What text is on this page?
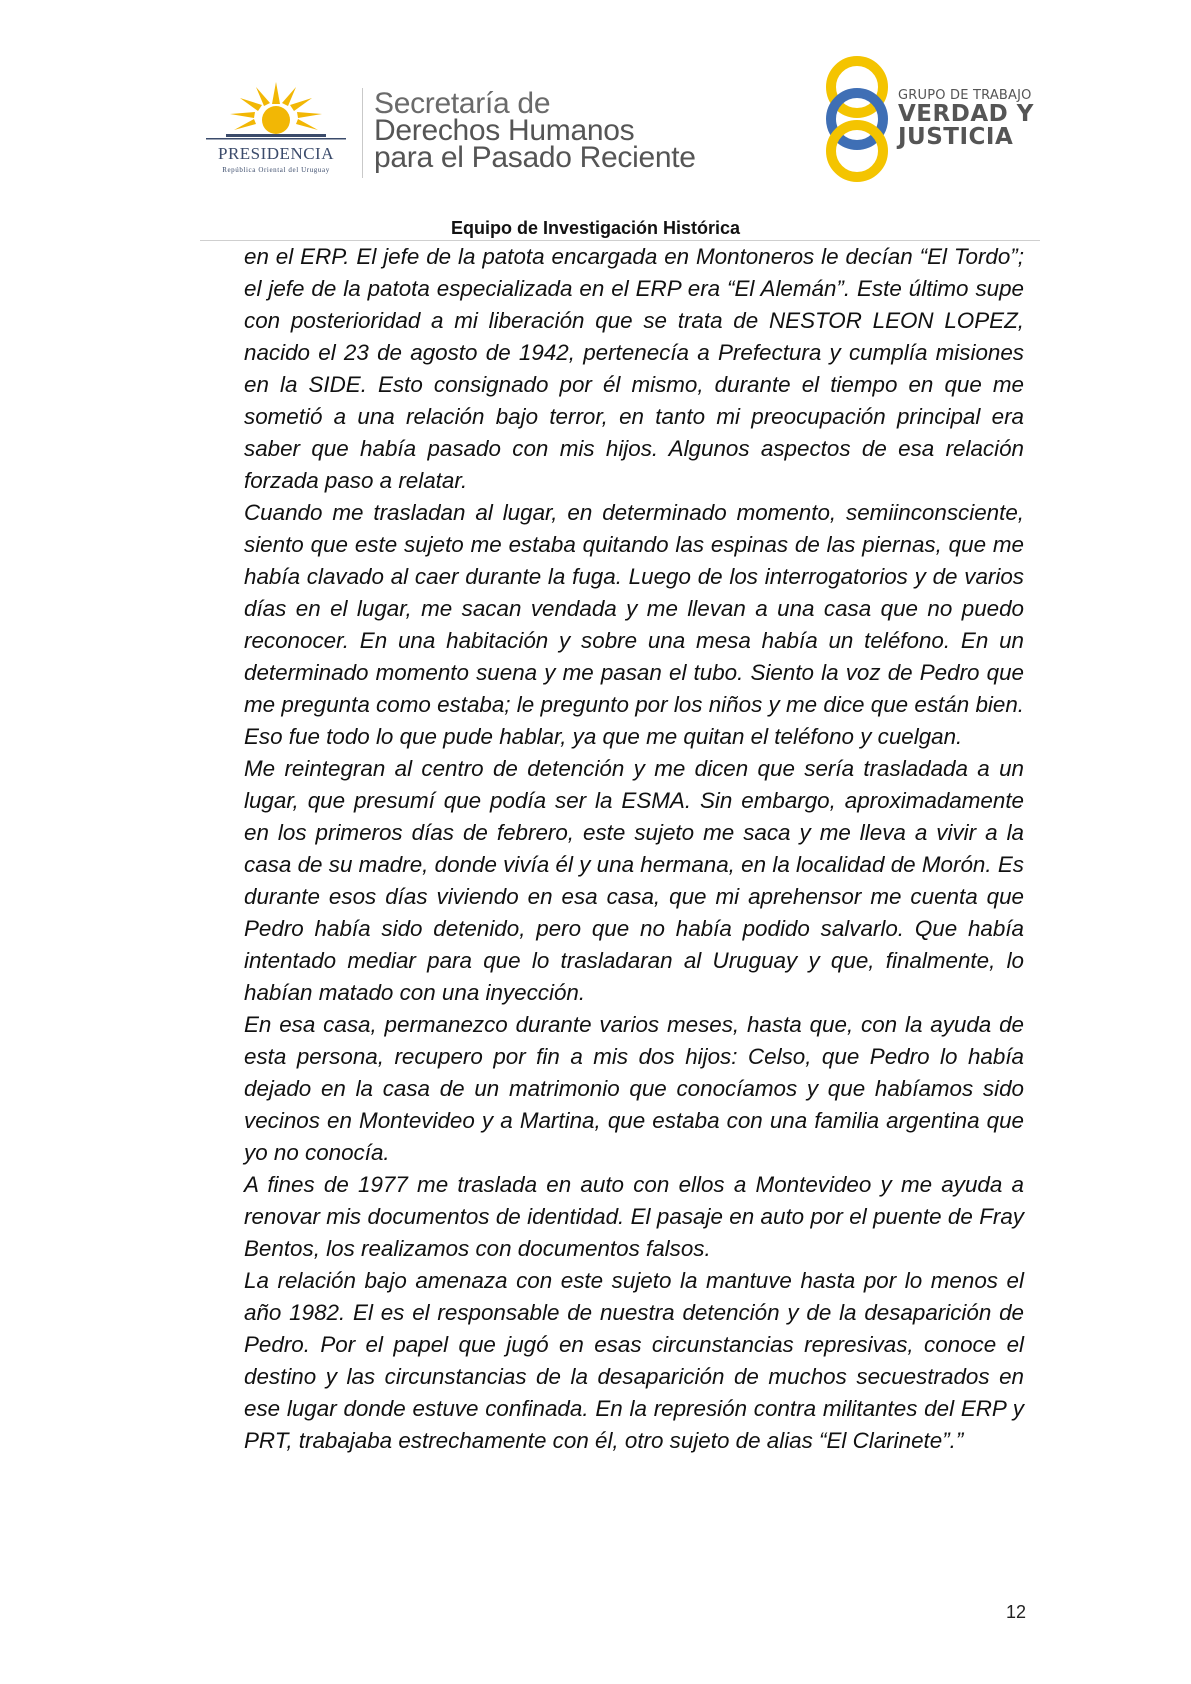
PRESIDENCIA
República Oriental del Uruguay
Secretaría de
Derechos Humanos
para el Pasado Reciente
GRUPO DE TRABAJO
VERDAD Y
JUSTICIA
Equipo de Investigación Histórica

en el ERP. El jefe de la patota encargada en Montoneros le decían “El Tordo”; el jefe de la patota especializada en el ERP era “El Alemán”. Este último supe con posterioridad a mi liberación que se trata de NESTOR LEON LOPEZ, nacido el 23 de agosto de 1942, pertenecía a Prefectura y cumplía misiones en la SIDE. Esto consignado por él mismo, durante el tiempo en que me sometió a una relación bajo terror, en tanto mi preocupación principal era saber que había pasado con mis hijos. Algunos aspectos de esa relación forzada paso a relatar.

Cuando me trasladan al lugar, en determinado momento, semiinconsciente, siento que este sujeto me estaba quitando las espinas de las piernas, que me había clavado al caer durante la fuga. Luego de los interrogatorios y de varios días en el lugar, me sacan vendada y me llevan a una casa que no puedo reconocer. En una habitación y sobre una mesa había un teléfono. En un determinado momento suena y me pasan el tubo. Siento la voz de Pedro que me pregunta como estaba; le pregunto por los niños y me dice que están bien. Eso fue todo lo que pude hablar, ya que me quitan el teléfono y cuelgan.

Me reintegran al centro de detención y me dicen que sería trasladada a un lugar, que presumí que podía ser la ESMA. Sin embargo, aproximadamente en los primeros días de febrero, este sujeto me saca y me lleva a vivir a la casa de su madre, donde vivía él y una hermana, en la localidad de Morón. Es durante esos días viviendo en esa casa, que mi aprehensor me cuenta que Pedro había sido detenido, pero que no había podido salvarlo. Que había intentado mediar para que lo trasladaran al Uruguay y que, finalmente, lo habían matado con una inyección.

En esa casa, permanezco durante varios meses, hasta que, con la ayuda de esta persona, recupero por fin a mis dos hijos: Celso, que Pedro lo había dejado en la casa de un matrimonio que conocíamos y que habíamos sido vecinos en Montevideo y a Martina, que estaba con una familia argentina que yo no conocía.

A fines de 1977 me traslada en auto con ellos a Montevideo y me ayuda a renovar mis documentos de identidad. El pasaje en auto por el puente de Fray Bentos, los realizamos con documentos falsos.

La relación bajo amenaza con este sujeto la mantuve hasta por lo menos el año 1982. El es el responsable de nuestra detención y de la desaparición de Pedro. Por el papel que jugó en esas circunstancias represivas, conoce el destino y las circunstancias de la desaparición de muchos secuestrados en ese lugar donde estuve confinada. En la represión contra militantes del ERP y PRT, trabajaba estrechamente con él, otro sujeto de alias “El Clarinete”.”

12
